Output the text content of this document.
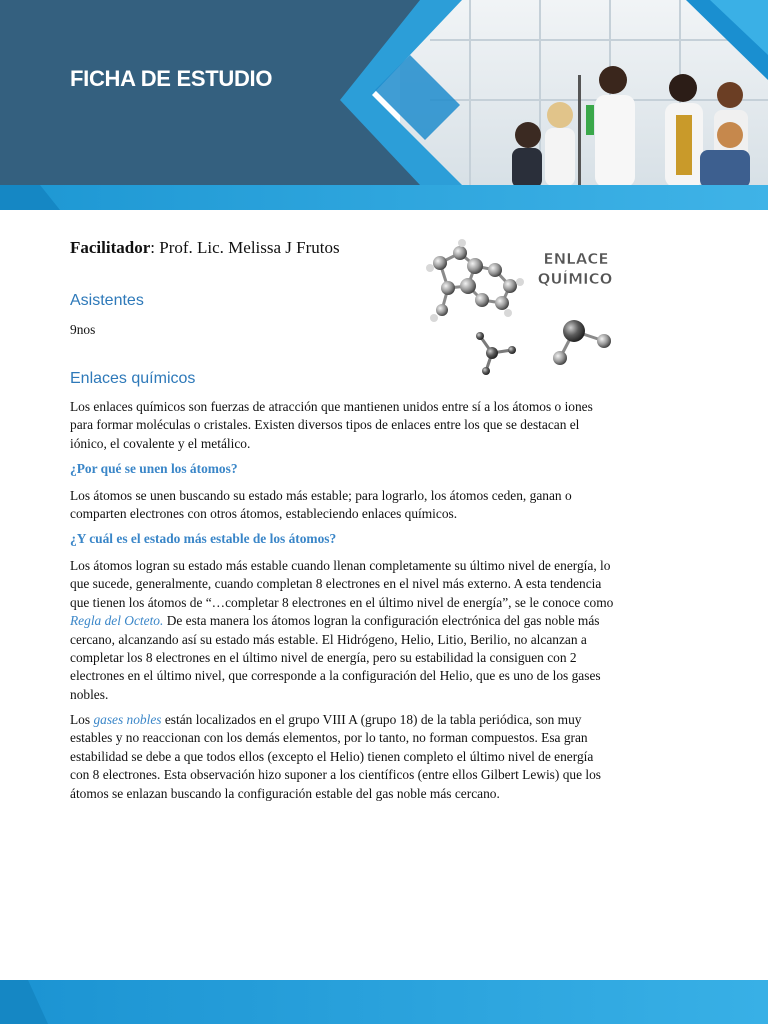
FICHA DE ESTUDIO

Facilitador: Prof. Lic. Melissa J Frutos

ENLACE
QUÍMICO
Asistentes
9nos
Enlaces químicos
Los enlaces químicos son fuerzas de atracción que mantienen unidos entre sí a los átomos o iones
para formar moléculas o cristales. Existen diversos tipos de enlaces entre los que se destacan el
iónico, el covalente y el metálico.
¿Por qué se unen los átomos?
Los átomos se unen buscando su estado más estable; para lograrlo, los átomos ceden, ganan o
comparten electrones con otros átomos, estableciendo enlaces químicos.
¿Y cuál es el estado más estable de los átomos?
Los átomos logran su estado más estable cuando llenan completamente su último nivel de energía, lo
que sucede, generalmente, cuando completan 8 electrones en el nivel más externo. A esta tendencia
que tienen los átomos de “…completar 8 electrones en el último nivel de energía”, se le conoce como
Regla del Octeto. De esta manera los átomos logran la configuración electrónica del gas noble más
cercano, alcanzando así su estado más estable. El Hidrógeno, Helio, Litio, Berilio, no alcanzan a
completar los 8 electrones en el último nivel de energía, pero su estabilidad la consiguen con 2
electrones en el último nivel, que corresponde a la configuración del Helio, que es uno de los gases
nobles.
Los gases nobles están localizados en el grupo VIII A (grupo 18) de la tabla periódica, son muy
estables y no reaccionan con los demás elementos, por lo tanto, no forman compuestos. Esa gran
estabilidad se debe a que todos ellos (excepto el Helio) tienen completo el último nivel de energía
con 8 electrones. Esta observación hizo suponer a los científicos (entre ellos Gilbert Lewis) que los
átomos se enlazan buscando la configuración estable del gas noble más cercano.
